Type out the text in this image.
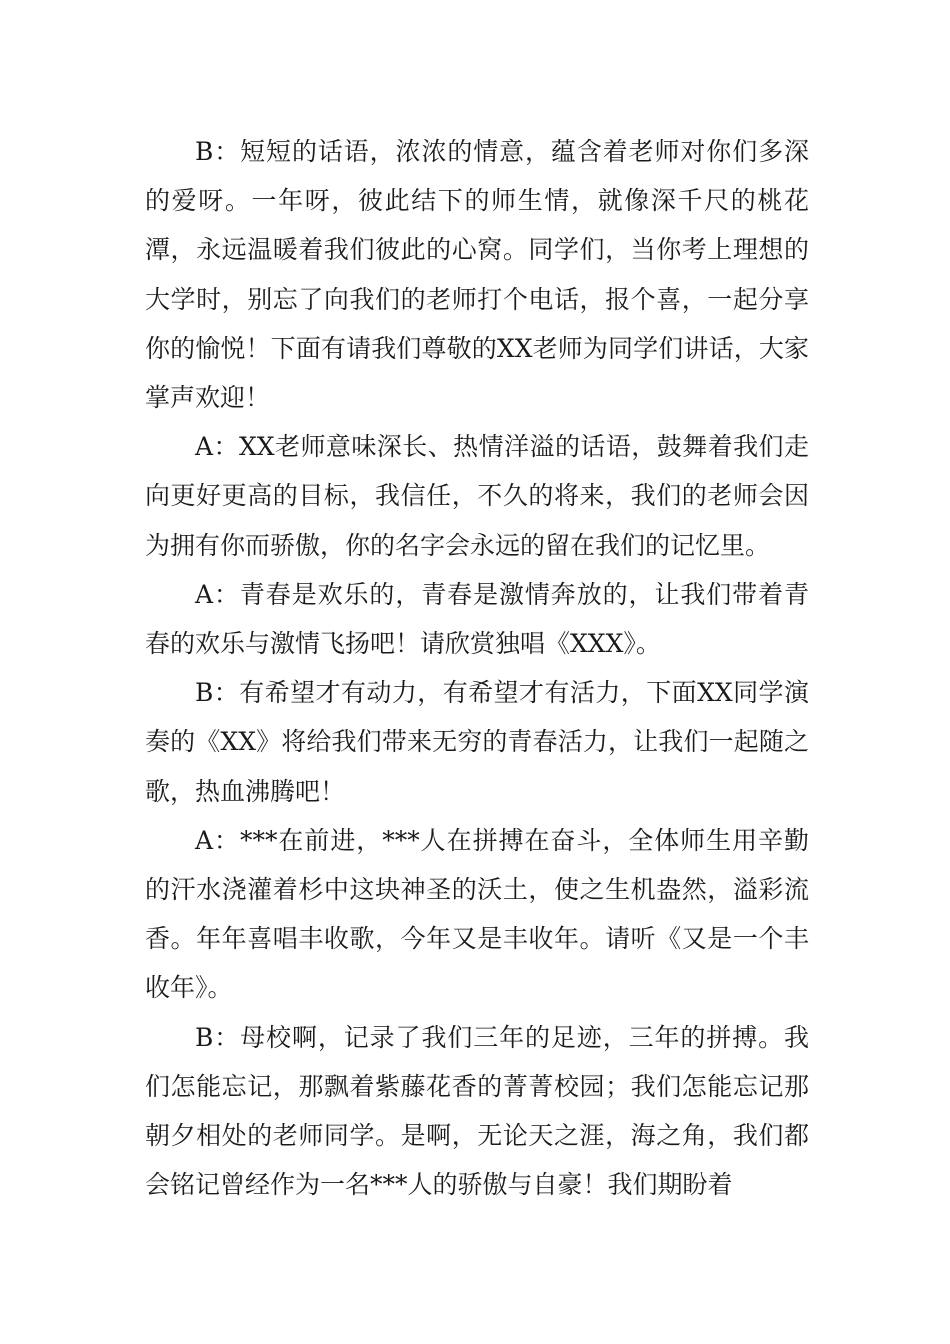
B：短短的话语，浓浓的情意，蕴含着老师对你们多深的爱呀。一年呀，彼此结下的师生情，就像深千尺的桃花潭，永远温暖着我们彼此的心窝。同学们，当你考上理想的大学时，别忘了向我们的老师打个电话，报个喜，一起分享你的愉悦！下面有请我们尊敬的XX老师为同学们讲话，大家掌声欢迎！

A：XX老师意味深长、热情洋溢的话语，鼓舞着我们走向更好更高的目标，我信任，不久的将来，我们的老师会因为拥有你而骄傲，你的名字会永远的留在我们的记忆里。

A：青春是欢乐的，青春是激情奔放的，让我们带着青春的欢乐与激情飞扬吧！请欣赏独唱《XXX》。

B：有希望才有动力，有希望才有活力，下面XX同学演奏的《XX》将给我们带来无穷的青春活力，让我们一起随之歌，热血沸腾吧！

A：***在前进，***人在拼搏在奋斗，全体师生用辛勤的汗水浇灌着杉中这块神圣的沃土，使之生机盎然，溢彩流香。年年喜唱丰收歌，今年又是丰收年。请听《又是一个丰收年》。

B：母校啊，记录了我们三年的足迹，三年的拼搏。我们怎能忘记，那飘着紫藤花香的菁菁校园；我们怎能忘记那朝夕相处的老师同学。是啊，无论天之涯，海之角，我们都会铭记曾经作为一名***人的骄傲与自豪！我们期盼着
